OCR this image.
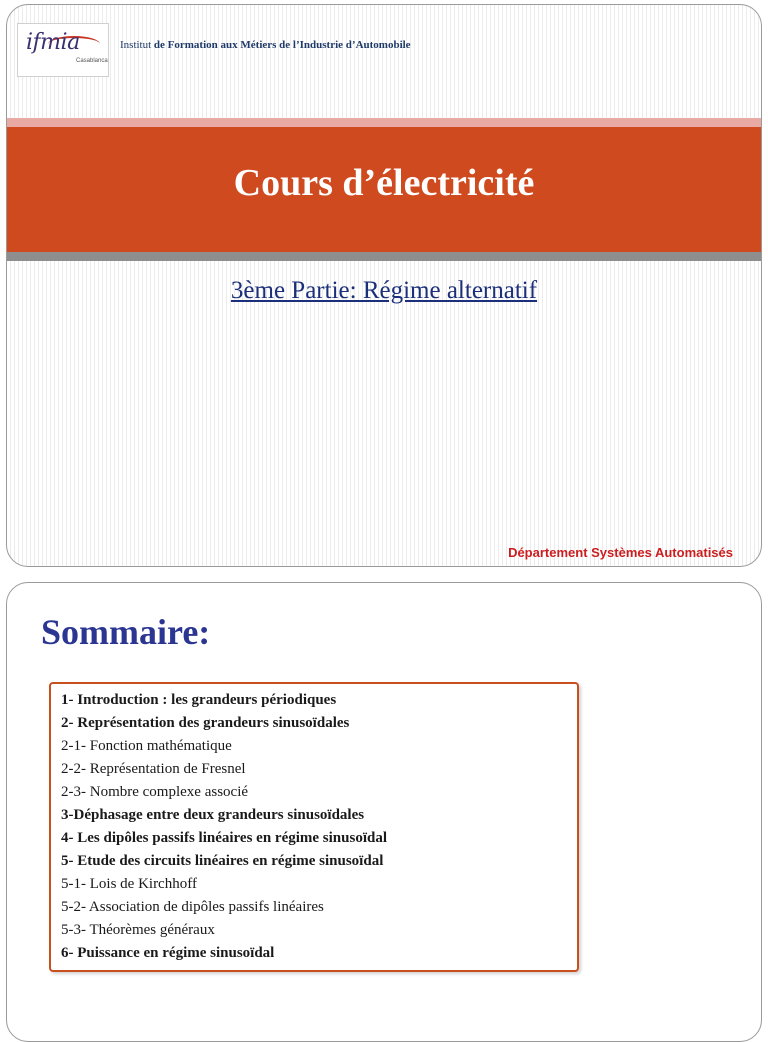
ifmia
Casablanca
Institut de Formation aux Métiers de l’Industrie d’Automobile
Cours d’électricité
3ème Partie: Régime alternatif
Département Systèmes Automatisés
Sommaire:
1- Introduction : les grandeurs périodiques
2- Représentation des grandeurs sinusoïdales
2-1- Fonction mathématique
2-2- Représentation de Fresnel
2-3- Nombre complexe associé
3-Déphasage entre deux grandeurs sinusoïdales
4- Les dipôles passifs linéaires en régime sinusoïdal
5- Etude des circuits linéaires en régime sinusoïdal
5-1- Lois de Kirchhoff
5-2- Association de dipôles passifs linéaires
5-3- Théorèmes généraux
6- Puissance en régime sinusoïdal
